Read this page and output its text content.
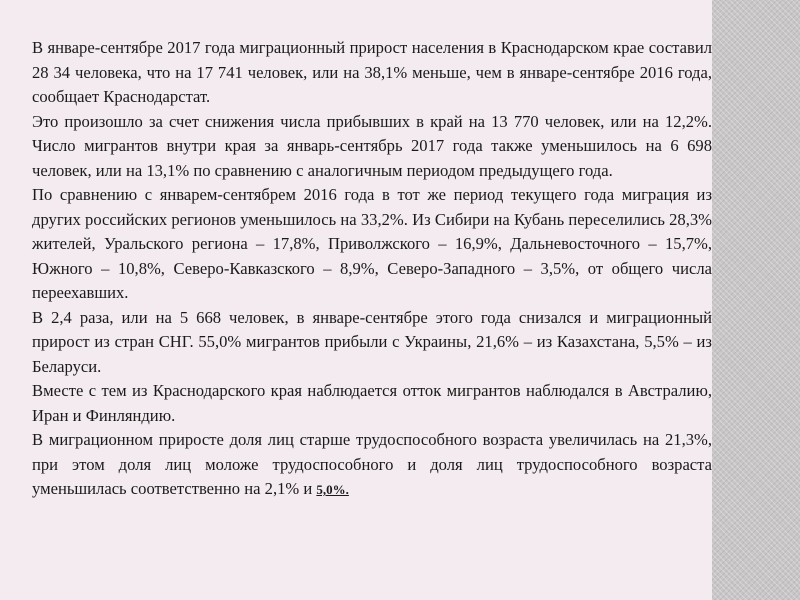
В январе-сентябре 2017 года миграционный прирост населения в Краснодарском крае составил 28 34 человека, что на 17 741 человек, или на 38,1% меньше, чем в январе-сентябре 2016 года, сообщает Краснодарстат.

Это произошло за счет снижения числа прибывших в край на 13 770 человек, или на 12,2%. Число мигрантов внутри края за январь-сентябрь 2017 года также уменьшилось на 6 698 человек, или на 13,1% по сравнению с аналогичным периодом предыдущего года.

По сравнению с январем-сентябрем 2016 года в тот же период текущего года миграция из других российских регионов уменьшилось на 33,2%. Из Сибири на Кубань переселились 28,3% жителей, Уральского региона – 17,8%, Приволжского – 16,9%, Дальневосточного – 15,7%, Южного – 10,8%, Северо-Кавказского – 8,9%, Северо-Западного – 3,5%, от общего числа переехавших.

В 2,4 раза, или на 5 668 человек, в январе-сентябре этого года снизался и миграционный прирост из стран СНГ. 55,0% мигрантов прибыли с Украины, 21,6% – из Казахстана, 5,5% – из Беларуси.

Вместе с тем из Краснодарского края наблюдается отток мигрантов наблюдался в Австралию, Иран и Финляндию.

В миграционном приросте доля лиц старше трудоспособного возраста увеличилась на 21,3%, при этом доля лиц моложе трудоспособного и доля лиц трудоспособного возраста уменьшилась соответственно на 2,1% и 5,0%.
